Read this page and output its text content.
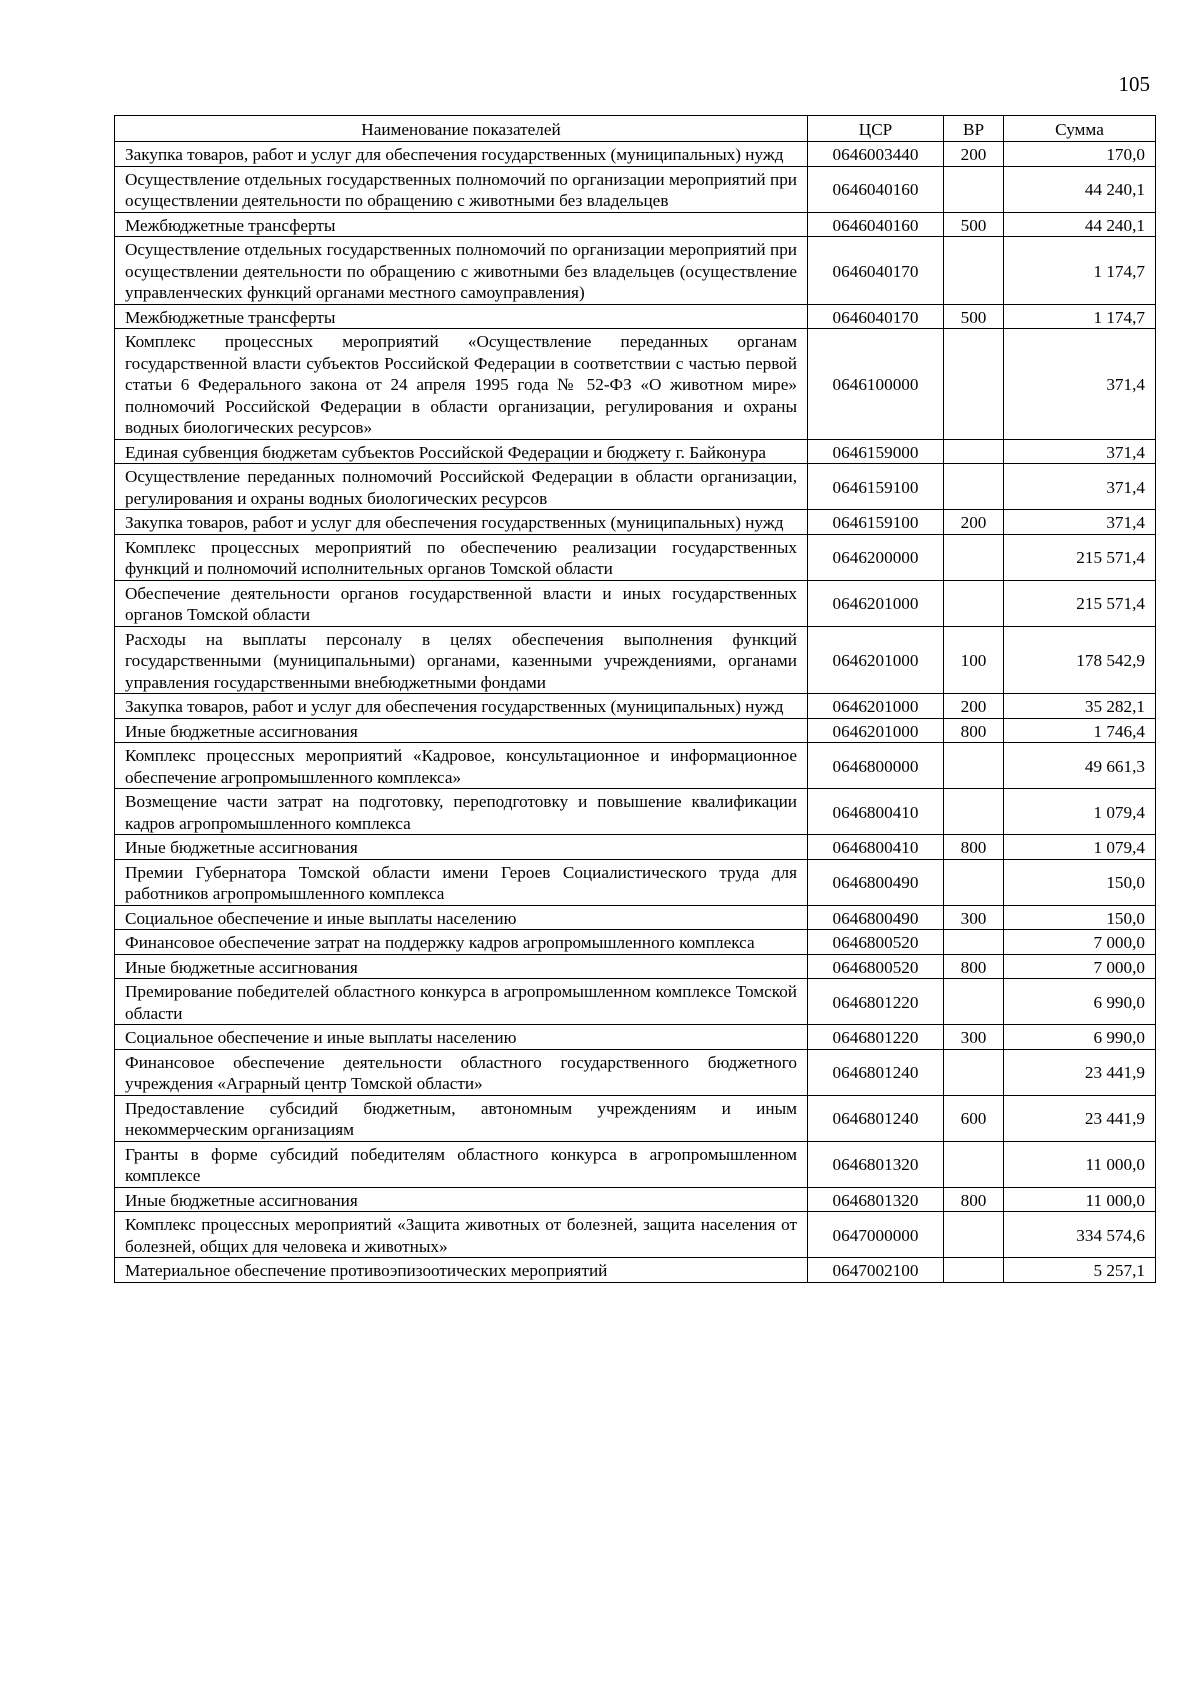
105
Наименование показателей	ЦСР	ВР	Сумма
Закупка товаров, работ и услуг для обеспечения государственных (муниципальных) нужд	0646003440	200	170,0
Осуществление отдельных государственных полномочий по организации мероприятий при осуществлении деятельности по обращению с животными без владельцев	0646040160		44 240,1
Межбюджетные трансферты	0646040160	500	44 240,1
Осуществление отдельных государственных полномочий по организации мероприятий при осуществлении деятельности по обращению с животными без владельцев (осуществление управленческих функций органами местного самоуправления)	0646040170		1 174,7
Межбюджетные трансферты	0646040170	500	1 174,7
Комплекс процессных мероприятий «Осуществление переданных органам государственной власти субъектов Российской Федерации в соответствии с частью первой статьи 6 Федерального закона от 24 апреля 1995 года № 52-ФЗ «О животном мире» полномочий Российской Федерации в области организации, регулирования и охраны водных биологических ресурсов»	0646100000		371,4
Единая субвенция бюджетам субъектов Российской Федерации и бюджету г. Байконура	0646159000		371,4
Осуществление переданных полномочий Российской Федерации в области организации, регулирования и охраны водных биологических ресурсов	0646159100		371,4
Закупка товаров, работ и услуг для обеспечения государственных (муниципальных) нужд	0646159100	200	371,4
Комплекс процессных мероприятий по обеспечению реализации государственных функций и полномочий исполнительных органов Томской области	0646200000		215 571,4
Обеспечение деятельности органов государственной власти и иных государственных органов Томской области	0646201000		215 571,4
Расходы на выплаты персоналу в целях обеспечения выполнения функций государственными (муниципальными) органами, казенными учреждениями, органами управления государственными внебюджетными фондами	0646201000	100	178 542,9
Закупка товаров, работ и услуг для обеспечения государственных (муниципальных) нужд	0646201000	200	35 282,1
Иные бюджетные ассигнования	0646201000	800	1 746,4
Комплекс процессных мероприятий «Кадровое, консультационное и информационное обеспечение агропромышленного комплекса»	0646800000		49 661,3
Возмещение части затрат на подготовку, переподготовку и повышение квалификации кадров агропромышленного комплекса	0646800410		1 079,4
Иные бюджетные ассигнования	0646800410	800	1 079,4
Премии Губернатора Томской области имени Героев Социалистического труда для работников агропромышленного комплекса	0646800490		150,0
Социальное обеспечение и иные выплаты населению	0646800490	300	150,0
Финансовое обеспечение затрат на поддержку кадров агропромышленного комплекса	0646800520		7 000,0
Иные бюджетные ассигнования	0646800520	800	7 000,0
Премирование победителей областного конкурса в агропромышленном комплексе Томской области	0646801220		6 990,0
Социальное обеспечение и иные выплаты населению	0646801220	300	6 990,0
Финансовое обеспечение деятельности областного государственного бюджетного учреждения «Аграрный центр Томской области»	0646801240		23 441,9
Предоставление субсидий бюджетным, автономным учреждениям и иным некоммерческим организациям	0646801240	600	23 441,9
Гранты в форме субсидий победителям областного конкурса в агропромышленном комплексе	0646801320		11 000,0
Иные бюджетные ассигнования	0646801320	800	11 000,0
Комплекс процессных мероприятий «Защита животных от болезней, защита населения от болезней, общих для человека и животных»	0647000000		334 574,6
Материальное обеспечение противоэпизоотических мероприятий	0647002100		5 257,1
